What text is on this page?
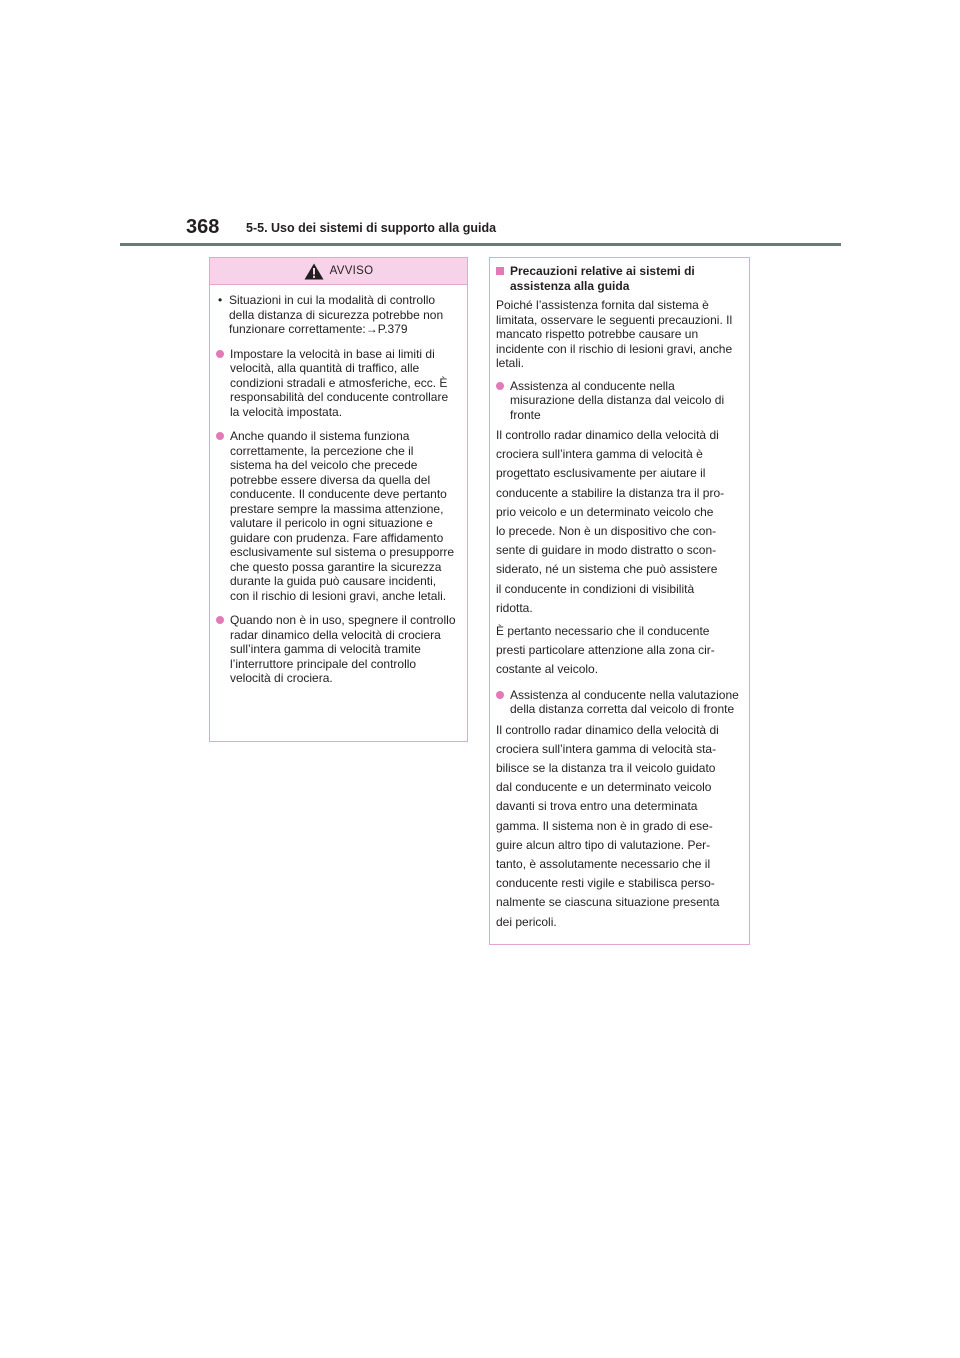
368 5-5. Uso dei sistemi di supporto alla guida
AVVISO

• Situazioni in cui la modalità di controllo della distanza di sicurezza potrebbe non funzionare correttamente:→P.379

Impostare la velocità in base ai limiti di velocità, alla quantità di traffico, alle condizioni stradali e atmosferiche, ecc. È responsabilità del conducente controllare la velocità impostata.

Anche quando il sistema funziona correttamente, la percezione che il sistema ha del veicolo che precede potrebbe essere diversa da quella del conducente. Il conducente deve pertanto prestare sempre la massima attenzione, valutare il pericolo in ogni situazione e guidare con prudenza. Fare affidamento esclusivamente sul sistema o presupporre che questo possa garantire la sicurezza durante la guida può causare incidenti, con il rischio di lesioni gravi, anche letali.

Quando non è in uso, spegnere il controllo radar dinamico della velocità di crociera sull’intera gamma di velocità tramite l’interruttore principale del controllo velocità di crociera.

Precauzioni relative ai sistemi di assistenza alla guida

Poiché l’assistenza fornita dal sistema è limitata, osservare le seguenti precauzioni. Il mancato rispetto potrebbe causare un incidente con il rischio di lesioni gravi, anche letali.

Assistenza al conducente nella misurazione della distanza dal veicolo di fronte

Il controllo radar dinamico della velocità di
crociera sull’intera gamma di velocità è
progettato esclusivamente per aiutare il
conducente a stabilire la distanza tra il pro-
prio veicolo e un determinato veicolo che
lo precede. Non è un dispositivo che con-
sente di guidare in modo distratto o scon-
siderato, né un sistema che può assistere
il conducente in condizioni di visibilità
ridotta.
È pertanto necessario che il conducente
presti particolare attenzione alla zona cir-
costante al veicolo.

Assistenza al conducente nella valutazione della distanza corretta dal veicolo di fronte

Il controllo radar dinamico della velocità di
crociera sull’intera gamma di velocità sta-
bilisce se la distanza tra il veicolo guidato
dal conducente e un determinato veicolo
davanti si trova entro una determinata
gamma. Il sistema non è in grado di ese-
guire alcun altro tipo di valutazione. Per-
tanto, è assolutamente necessario che il
conducente resti vigile e stabilisca perso-
nalmente se ciascuna situazione presenta
dei pericoli.
